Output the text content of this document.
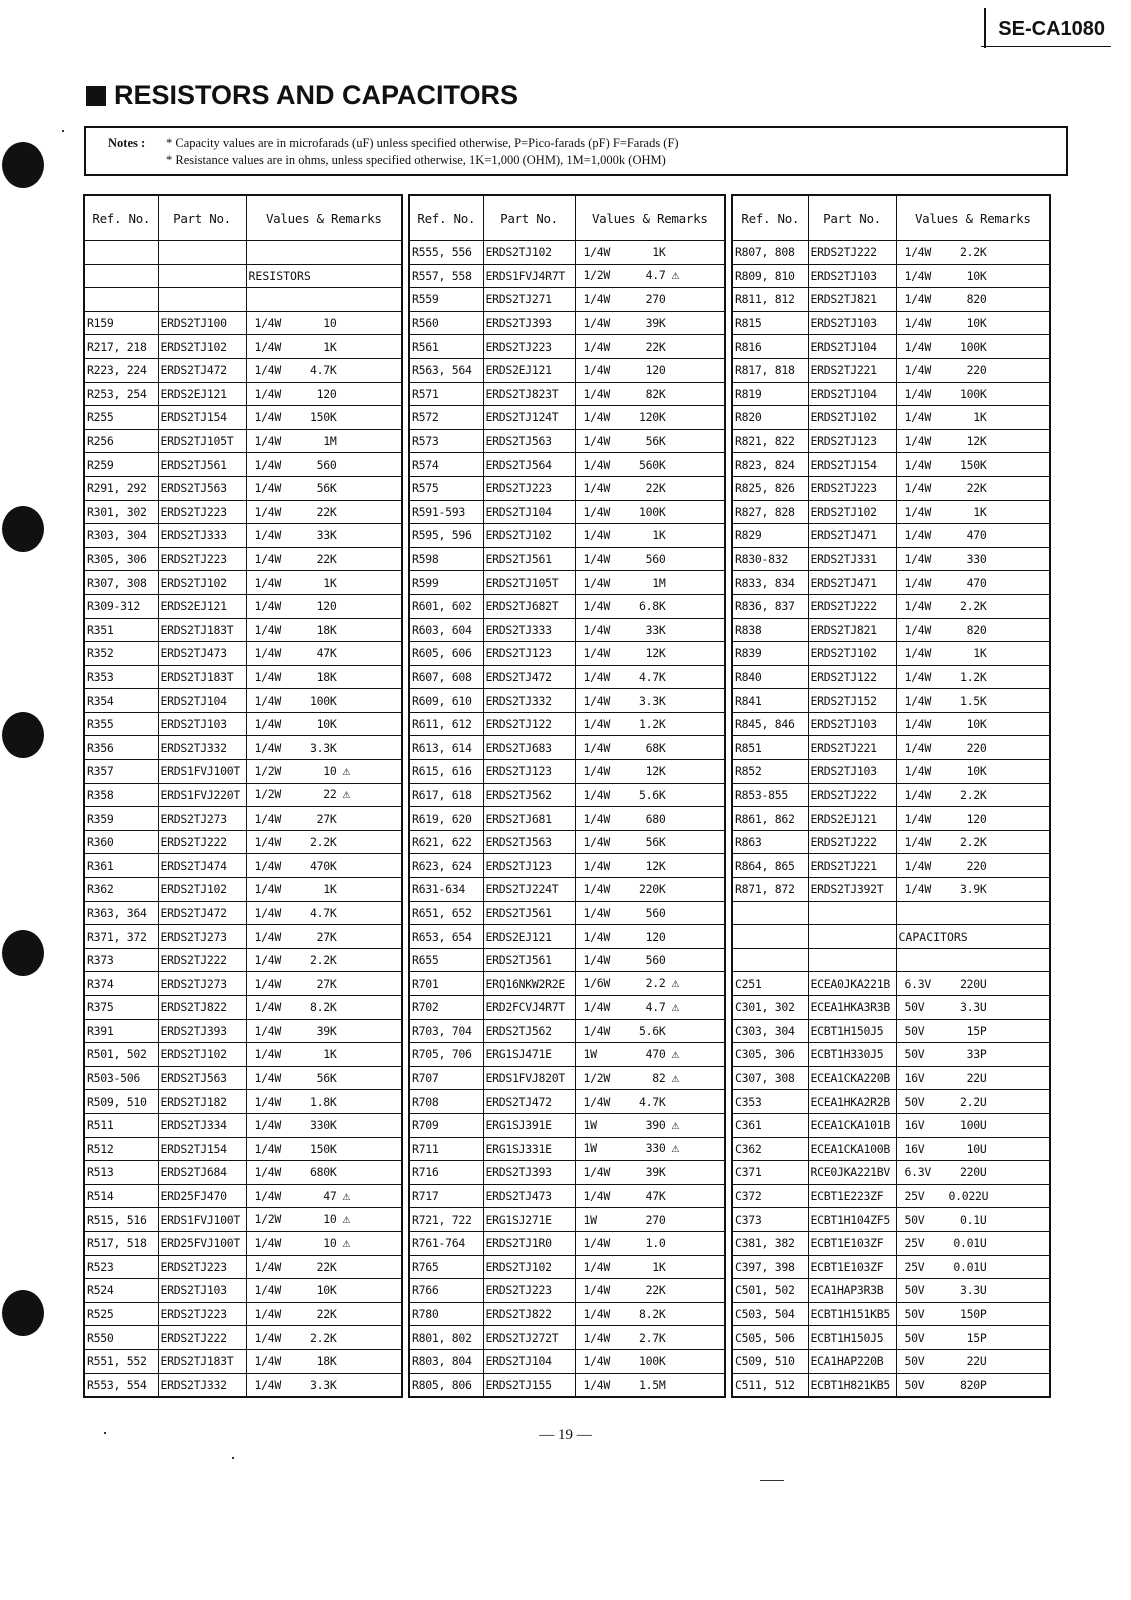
SE-CA1080
RESISTORS AND CAPACITORS
Notes : * Capacity values are in microfarads (uF) unless specified otherwise, P=Pico-farads (pF) F=Farads (F)
* Resistance values are in ohms, unless specified otherwise, 1K=1,000 (OHM), 1M=1,000k (OHM)
Ref. No.	Part No.	Values & Remarks

		RESISTORS

R159	ERDS2TJ100	1/4W 10
R217, 218	ERDS2TJ102	1/4W 1K
R223, 224	ERDS2TJ472	1/4W 4.7K
R253, 254	ERDS2EJ121	1/4W 120
R255	ERDS2TJ154	1/4W 150K
R256	ERDS2TJ105T	1/4W 1M
R259	ERDS2TJ561	1/4W 560
R291, 292	ERDS2TJ563	1/4W 56K
R301, 302	ERDS2TJ223	1/4W 22K
R303, 304	ERDS2TJ333	1/4W 33K
R305, 306	ERDS2TJ223	1/4W 22K
R307, 308	ERDS2TJ102	1/4W 1K
R309-312	ERDS2EJ121	1/4W 120
R351	ERDS2TJ183T	1/4W 18K
R352	ERDS2TJ473	1/4W 47K
R353	ERDS2TJ183T	1/4W 18K
R354	ERDS2TJ104	1/4W 100K
R355	ERDS2TJ103	1/4W 10K
R356	ERDS2TJ332	1/4W 3.3K
R357	ERDS1FVJ100T	1/2W 10 ⚠
R358	ERDS1FVJ220T	1/2W 22 ⚠
R359	ERDS2TJ273	1/4W 27K
R360	ERDS2TJ222	1/4W 2.2K
R361	ERDS2TJ474	1/4W 470K
R362	ERDS2TJ102	1/4W 1K
R363, 364	ERDS2TJ472	1/4W 4.7K
R371, 372	ERDS2TJ273	1/4W 27K
R373	ERDS2TJ222	1/4W 2.2K
R374	ERDS2TJ273	1/4W 27K
R375	ERDS2TJ822	1/4W 8.2K
R391	ERDS2TJ393	1/4W 39K
R501, 502	ERDS2TJ102	1/4W 1K
R503-506	ERDS2TJ563	1/4W 56K
R509, 510	ERDS2TJ182	1/4W 1.8K
R511	ERDS2TJ334	1/4W 330K
R512	ERDS2TJ154	1/4W 150K
R513	ERDS2TJ684	1/4W 680K
R514	ERD25FJ470	1/4W 47 ⚠
R515, 516	ERDS1FVJ100T	1/2W 10 ⚠
R517, 518	ERD25FVJ100T	1/4W 10 ⚠
R523	ERDS2TJ223	1/4W 22K
R524	ERDS2TJ103	1/4W 10K
R525	ERDS2TJ223	1/4W 22K
R550	ERDS2TJ222	1/4W 2.2K
R551, 552	ERDS2TJ183T	1/4W 18K
R553, 554	ERDS2TJ332	1/4W 3.3K
Ref. No.	Part No.	Values & Remarks
R555, 556	ERDS2TJ102	1/4W 1K
R557, 558	ERDS1FVJ4R7T	1/2W 4.7 ⚠
R559	ERDS2TJ271	1/4W 270
R560	ERDS2TJ393	1/4W 39K
R561	ERDS2TJ223	1/4W 22K
R563, 564	ERDS2EJ121	1/4W 120
R571	ERDS2TJ823T	1/4W 82K
R572	ERDS2TJ124T	1/4W 120K
R573	ERDS2TJ563	1/4W 56K
R574	ERDS2TJ564	1/4W 560K
R575	ERDS2TJ223	1/4W 22K
R591-593	ERDS2TJ104	1/4W 100K
R595, 596	ERDS2TJ102	1/4W 1K
R598	ERDS2TJ561	1/4W 560
R599	ERDS2TJ105T	1/4W 1M
R601, 602	ERDS2TJ682T	1/4W 6.8K
R603, 604	ERDS2TJ333	1/4W 33K
R605, 606	ERDS2TJ123	1/4W 12K
R607, 608	ERDS2TJ472	1/4W 4.7K
R609, 610	ERDS2TJ332	1/4W 3.3K
R611, 612	ERDS2TJ122	1/4W 1.2K
R613, 614	ERDS2TJ683	1/4W 68K
R615, 616	ERDS2TJ123	1/4W 12K
R617, 618	ERDS2TJ562	1/4W 5.6K
R619, 620	ERDS2TJ681	1/4W 680
R621, 622	ERDS2TJ563	1/4W 56K
R623, 624	ERDS2TJ123	1/4W 12K
R631-634	ERDS2TJ224T	1/4W 220K
R651, 652	ERDS2TJ561	1/4W 560
R653, 654	ERDS2EJ121	1/4W 120
R655	ERDS2TJ561	1/4W 560
R701	ERQ16NKW2R2E	1/6W 2.2 ⚠
R702	ERD2FCVJ4R7T	1/4W 4.7 ⚠
R703, 704	ERDS2TJ562	1/4W 5.6K
R705, 706	ERG1SJ471E	1W 470 ⚠
R707	ERDS1FVJ820T	1/2W 82 ⚠
R708	ERDS2TJ472	1/4W 4.7K
R709	ERG1SJ391E	1W 390 ⚠
R711	ERG1SJ331E	1W 330 ⚠
R716	ERDS2TJ393	1/4W 39K
R717	ERDS2TJ473	1/4W 47K
R721, 722	ERG1SJ271E	1W 270
R761-764	ERDS2TJ1R0	1/4W 1.0
R765	ERDS2TJ102	1/4W 1K
R766	ERDS2TJ223	1/4W 22K
R780	ERDS2TJ822	1/4W 8.2K
R801, 802	ERDS2TJ272T	1/4W 2.7K
R803, 804	ERDS2TJ104	1/4W 100K
R805, 806	ERDS2TJ155	1/4W 1.5M
Ref. No.	Part No.	Values & Remarks
R807, 808	ERDS2TJ222	1/4W 2.2K
R809, 810	ERDS2TJ103	1/4W 10K
R811, 812	ERDS2TJ821	1/4W 820
R815	ERDS2TJ103	1/4W 10K
R816	ERDS2TJ104	1/4W 100K
R817, 818	ERDS2TJ221	1/4W 220
R819	ERDS2TJ104	1/4W 100K
R820	ERDS2TJ102	1/4W 1K
R821, 822	ERDS2TJ123	1/4W 12K
R823, 824	ERDS2TJ154	1/4W 150K
R825, 826	ERDS2TJ223	1/4W 22K
R827, 828	ERDS2TJ102	1/4W 1K
R829	ERDS2TJ471	1/4W 470
R830-832	ERDS2TJ331	1/4W 330
R833, 834	ERDS2TJ471	1/4W 470
R836, 837	ERDS2TJ222	1/4W 2.2K
R838	ERDS2TJ821	1/4W 820
R839	ERDS2TJ102	1/4W 1K
R840	ERDS2TJ122	1/4W 1.2K
R841	ERDS2TJ152	1/4W 1.5K
R845, 846	ERDS2TJ103	1/4W 10K
R851	ERDS2TJ221	1/4W 220
R852	ERDS2TJ103	1/4W 10K
R853-855	ERDS2TJ222	1/4W 2.2K
R861, 862	ERDS2EJ121	1/4W 120
R863	ERDS2TJ222	1/4W 2.2K
R864, 865	ERDS2TJ221	1/4W 220
R871, 872	ERDS2TJ392T	1/4W 3.9K

		CAPACITORS

C251	ECEA0JKA221B	6.3V 220U
C301, 302	ECEA1HKA3R3B	50V 3.3U
C303, 304	ECBT1H150J5	50V 15P
C305, 306	ECBT1H330J5	50V 33P
C307, 308	ECEA1CKA220B	16V 22U
C353	ECEA1HKA2R2B	50V 2.2U
C361	ECEA1CKA101B	16V 100U
C362	ECEA1CKA100B	16V 10U
C371	RCE0JKA221BV	6.3V 220U
C372	ECBT1E223ZF	25V 0.022U
C373	ECBT1H104ZF5	50V 0.1U
C381, 382	ECBT1E103ZF	25V 0.01U
C397, 398	ECBT1E103ZF	25V 0.01U
C501, 502	ECA1HAP3R3B	50V 3.3U
C503, 504	ECBT1H151KB5	50V 150P
C505, 506	ECBT1H150J5	50V 15P
C509, 510	ECA1HAP220B	50V 22U
C511, 512	ECBT1H821KB5	50V 820P
— 19 —
